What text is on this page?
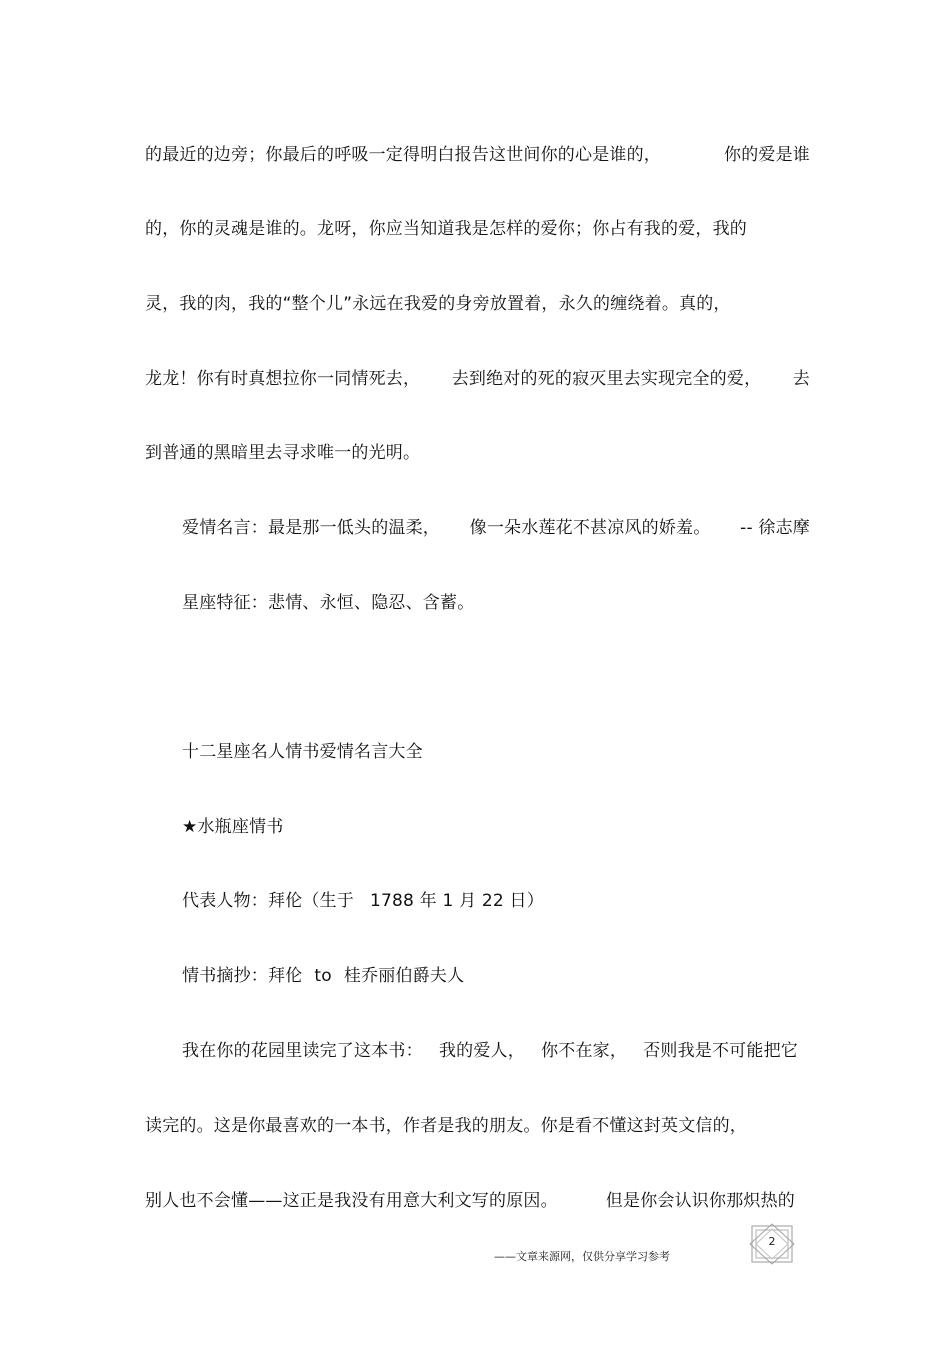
的最近的边旁；你最后的呼吸一定得明白报告这世间你的心是谁的，	你的爱是谁
的，你的灵魂是谁的。龙呀，你应当知道我是怎样的爱你；你占有我的爱，我的
灵，我的肉，我的“整个儿”永远在我爱的身旁放置着，永久的缠绕着。真的，
龙龙！你有时真想拉你一同情死去， 去到绝对的死的寂灭里去实现完全的爱， 去
到普通的黑暗里去寻求唯一的光明。
爱情名言：最是那一低头的温柔， 像一朵水莲花不甚凉风的娇羞。 -- 徐志摩
星座特征：悲情、永恒、隐忍、含蓄。
十二星座名人情书爱情名言大全
★水瓶座情书
代表人物：拜伦（生于 1788 年 1 月 22 日）
情书摘抄：拜伦 to 桂乔丽伯爵夫人
我在你的花园里读完了这本书： 我的爱人， 你不在家， 否则我是不可能把它
读完的。这是你最喜欢的一本书，作者是我的朋友。你是看不懂这封英文信的，
别人也不会懂——这正是我没有用意大利文写的原因。	但是你会认识你那炽热的
2
——文章来源网，仅供分享学习参考
